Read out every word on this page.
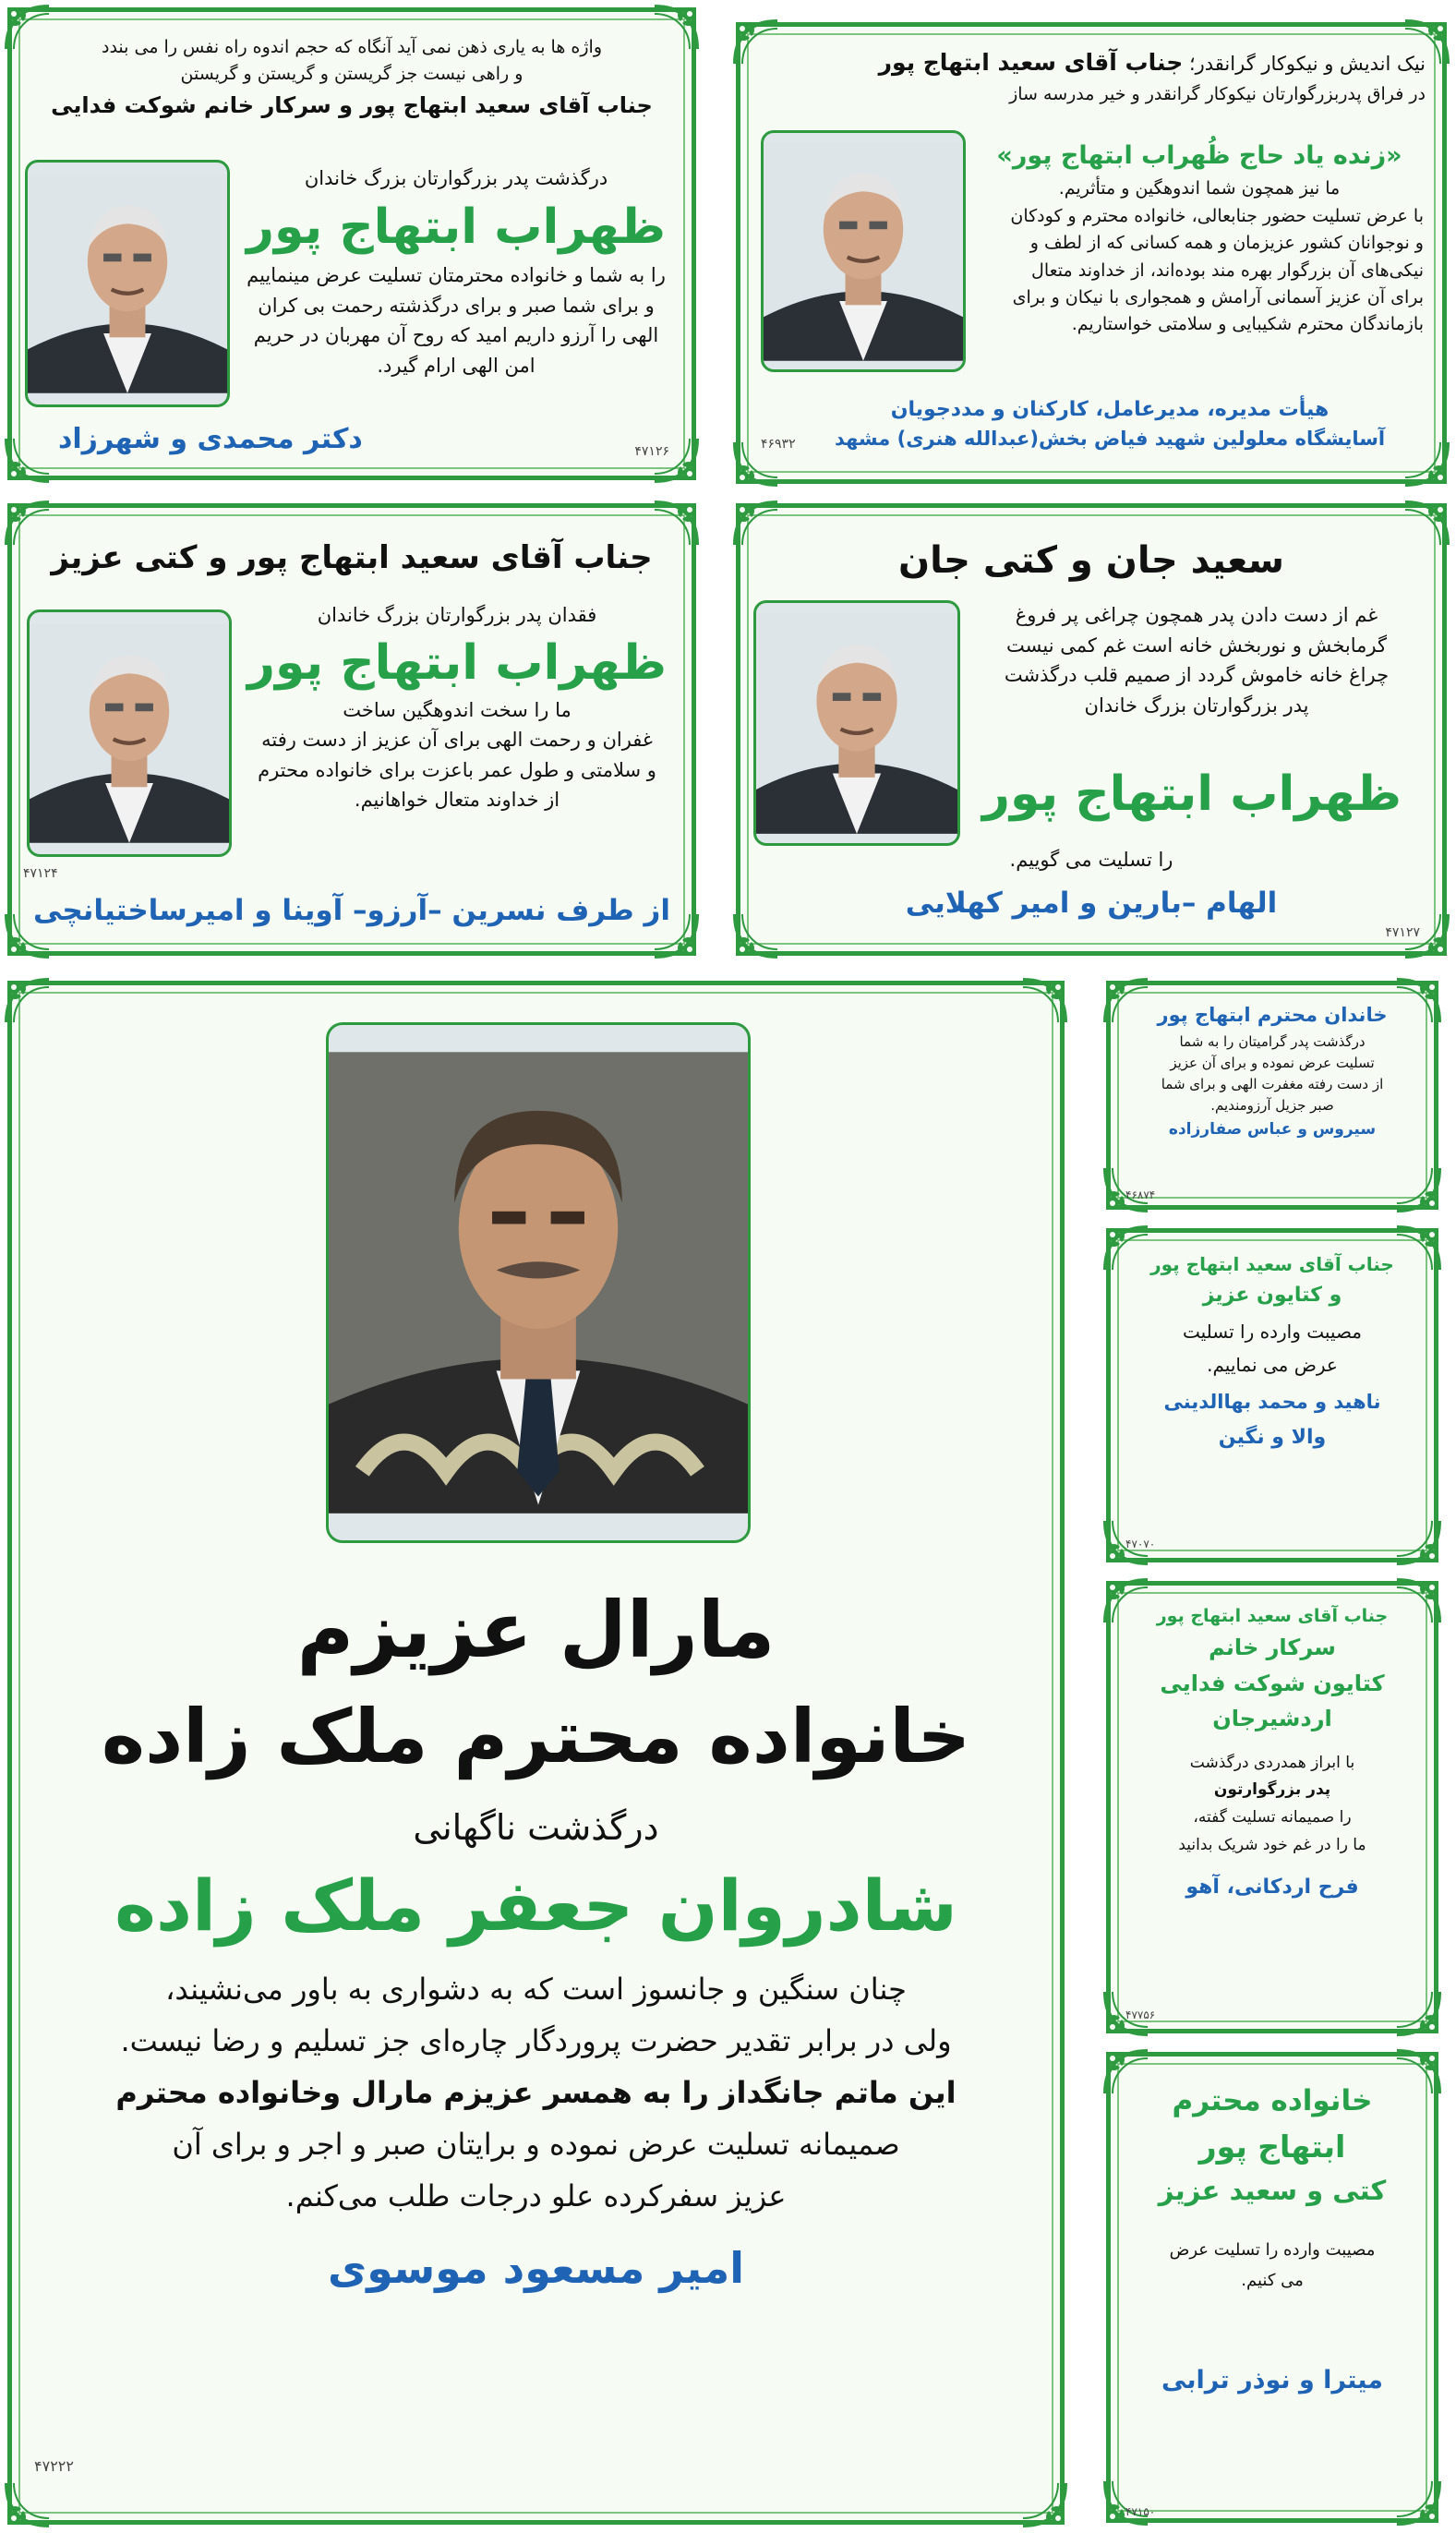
واژه ها به یاری ذهن نمی آید آنگاه که حجم اندوه راه نفس را می بندد
و راهی نیست جز گریستن و گریستن و گریستن
جناب آقای سعید ابتهاج پور و سرکار خانم شوکت فدایی
درگذشت پدر بزرگوارتان بزرگ خاندان
ظهراب ابتهاج پور
را به شما و خانواده محترمتان تسلیت عرض مینماییم
و برای شما صبر و برای درگذشته رحمت بی کران
الهی را آرزو داریم امید که روح آن مهربان در حریم
امن الهی ارام گیرد.
دکتر محمدی و شهرزاد	۴۷۱۲۶
نیک اندیش و نیکوکار گرانقدر؛ جناب آقای سعید ابتهاج پور
در فراق پدربزرگوارتان نیکوکار گرانقدر و خیر مدرسه ساز
«زنده یاد حاج ظُهراب ابتهاج پور»
ما نیز همچون شما اندوهگین و متأثریم.
با عرض تسلیت حضور جنابعالی، خانواده محترم و کودکان
و نوجوانان کشور عزیزمان و همه کسانی که از لطف و
نیکی‌های آن بزرگوار بهره مند بوده‌اند، از خداوند متعال
برای آن عزیز آسمانی آرامش و همجواری با نیکان و برای
بازماندگان محترم شکیبایی و سلامتی خواستاریم.
هیأت مدیره، مدیرعامل، کارکنان و مددجویان
آسایشگاه معلولین شهید فیاض بخش(عبدالله هنری) مشهد
۴۶۹۳۲
جناب آقای سعید ابتهاج پور و کتی عزیز
فقدان پدر بزرگوارتان بزرگ خاندان
ظهراب ابتهاج پور
ما را سخت اندوهگین ساخت
غفران و رحمت الهی برای آن عزیز از دست رفته
و سلامتی و طول عمر باعزت برای خانواده محترم
از خداوند متعال خواهانیم.
۴۷۱۲۴
از طرف نسرین –آرزو– آوینا و امیرساختیانچی
سعید جان و کتی جان
غم از دست دادن پدر همچون چراغی پر فروغ
گرمابخش و نوربخش خانه است غم کمی نیست
چراغ خانه خاموش گردد از صمیم قلب درگذشت
پدر بزرگوارتان بزرگ خاندان
ظهراب ابتهاج پور
را تسلیت می گوییم.
الهام –بارین و امیر کهلایی
۴۷۱۲۷
مارال عزیزم
خانواده محترم ملک زاده
درگذشت ناگهانی
شادروان جعفر ملک زاده
چنان سنگین و جانسوز است که به دشواری به باور می‌نشیند،
ولی در برابر تقدیر حضرت پروردگار چاره‌ای جز تسلیم و رضا نیست.
این ماتم جانگداز را به همسر عزیزم مارال وخانواده محترم
صمیمانه تسلیت عرض نموده و برایتان صبر و اجر و برای آن
عزیز سفرکرده علو درجات طلب می‌کنم.
امیر مسعود موسوی
۴۷۲۲۲
خاندان محترم ابتهاج پور
درگذشت پدر گرامیتان را به شما
تسلیت عرض نموده و برای آن عزیز
از دست رفته مغفرت الهی و برای شما
صبر جزیل آرزومندیم.
سیروس و عباس صفارزاده
۴۶۸۷۴
جناب آقای سعید ابتهاج پور
و کتایون عزیز
مصیبت وارده را تسلیت
عرض می نماییم.
ناهید و محمد بهاالدینی
والا و نگین
۴۷۰۷۰
جناب آقای سعید ابتهاج پور
سرکار خانم
کتایون شوکت فدایی
اردشیرجان
با ابراز همدردی درگذشت
پدر بزرگوارتون
را صمیمانه تسلیت گفته،
ما را در غم خود شریک بدانید
فرح اردکانی، آهو
۴۷۷۵۶
خانواده محترم
ابتهاج پور
کتی و سعید عزیز
مصیبت وارده را تسلیت عرض
می کنیم.
میترا و نوذر ترابی
۴۷۱۵۰
